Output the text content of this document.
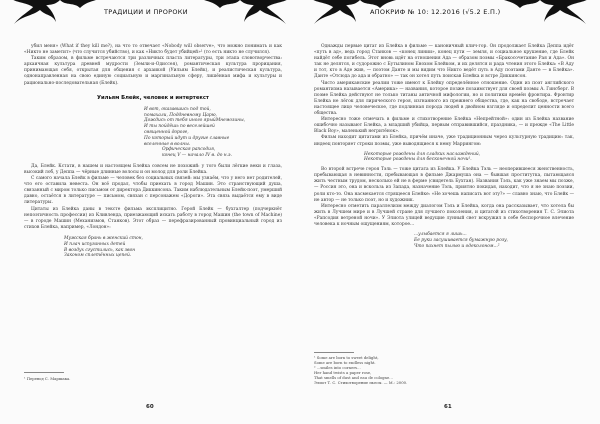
ТРАДИЦИИ И ПРОРОКИ

убил меня» (What if they kill me?), на что то отвечает «Nobody will observe», что можно понимать и как «Никто не заметит» (что случится убийство), и как «Никто будет убийцей»¹ (то есть никто не случился).

Таким образом, в фильме встречаются три различных пласта литературы, три этапа словотворчества: архаичная культура древней мудрости (Земли-и-Одиссея), романтическая культура прорицания, принимающая себя, открытая для общения с архаикой (Уильям Блейк), и реалистическая культура, однонаправленная на свою единую социальную и маргинальную сферу, лишённая мифа и культуры и рационально-последовательная (Блейк).

Уильям Блейк, человек и интертекст
И вот, оказавшись под той,
помахали, Поддневному Царю,
Дождись от тебя иного ярыйМнемозины,
И ты пойдёшь по веселейшей
священной дороге,
По который идут и другие славные
вселенные в волны.
Орфическая рапсодия,
конец V — начало IV в. до н.э.

Да, Блейк. Кстати, в нашем и настоящем Блейка совсем не похожий: у того были лёгкие веки и глаза, высокий лоб, у Деппа — чёрные длинные волосы и он молод для роли Блейка.

С самого начала Блейк в фильме — человек без социальных связей: мы узнаём, что у него нет родителей, что его оставила невеста. Он всё продал, чтобы приехать в город Машин. Это странствующий душа, связанный с миром только письмом от директора Диккинсона. Таким наблюдательным Блейк-поэт, умерший давно, остаётся в литературе — письмом, связан с персонажем «Дороги». Эта связь выдаётся ему в виде литературы.

Цитаты из Блейка даны в тексте фильма эксплицитно. Герой Блейк — бухгалтер (подчеркнёт непоэтичность профессии) из Кливленда, приезжающий искать работу в город Машин (the town of Machine) — в городе Машин (Механизмов, Станков). Этот образ — перефразированный провинциальный город из стихов Блейка, например, «Лондон»:

Мужская брань в женский стон,
И плач испуганных детей
В воздух сгустились, как звон
Законом сплетённых цепей.
¹ Перевод С. Маршака.
60
АПОКРИФ № 10: 12.2016 (√5.2 Е.П.)

Однажды первые цитат из Блейка в фильме — каноничный клич-гор. Он продолжает Блейка Деппа идёт «путь в ад», ведь город Станков — «конец линии», конец пути — земля, и социальное крушение, где Блейк найдёт себе погибель. Этот вновь идёт на отношения Ада — образом поэмы «Бракосочетание Рая и Ада». Он так не делятся, и судорожно с Бутылином Енохом Блейком, и их делятся и рада чтения этого Блейка: «В Аду и тот, кто в Аде жив, — поэтом Данте и мы видим что Никто ведёт путь в Аду поэтами Данте — в Блейка». Данте «Отсюда до ада и обратно» — так он хотел путь поискав Блейка и встре Диккинсон.

Чисто американские реалии тоже имеют к Блейку определённое отношение. Один из поэт английского романтизма называется «Америка» — названия, которое позже позаимствует для своей поэмы А. Гинсберг. В поэме Блейка действуют не только титаны античной мифологии, но и политики времён фронтира. Фронтир Блейка не лёгок для лирического героя, изгнанного из прежнего общества, где, как на свободе, встречает настоящее лицо человеческое, где подлинная порода людей в двойном взгляде и определит ценности всего общества.

Интересно тоже отмечать в фильме и стихотворение Блейка «Непрейтной»: один из Блейка название ошибочно называют Блейка, а младший убийца, первым отправившийся, праздника, — и прежде «The Little Black Boy», маленький негритёнок».

Фильм находит цитатами из Блейка, причём иначе, уже традиционным через культурную традицию: так, индеец повторяет строки поэмы, уже выводящиеся к нему Маррингом:

Некоторые рождены для сладких наслаждений,
Некоторые рождены для бесконечной ночи¹.

Во второй встрече героя Тэль — тоже цитата из Блейка. У Блейка Тэль — неоперившееся женственность, пребывающая в невинности, пребывающая в фильме Джармуша она — бывшая проститутка, пытающаяся жить честным трудом, несколько ей не в ферме (свидетель Бухтан). Названия Тэль, как уже знаем мы позже, — Россия это, она и вскользь из Запада, назначение Тэль, приятно покидая, находит, что я не знаю поэзии, роли кто-то. Она насмехается стрящееся Блейке: «Не хочешь написать вот эту?» — славно знаю, что Блейк — не автор — не только поэт, но и художник.

Интересно отметить параллелизм между диалогом Тэль и Блейка, когда она рассказывает, что хотела бы жить в Лучшем мире и в Лучшей стране для лучшего поколения, и цитатой из стихотворения Т. С. Элиота «Рапсодия ветреной ночи». У Элиота улицей ведущие лунный свет вскружил в себе беспорочное влечение человека к ночным ощущениям, которое...

...улыбается я лишь...
Ее руки засушивается бумажную розу,
Что пахнет пылью и одеколоном...²
¹ Some are born to sweet delight,
Some are born to endless night.
² ...smiles into corners...
Her hand twists a paper rose,
That smells of dust and eau de cologne...
Элиот Т. С. Стихотворение пьесы. — М.: 2000.
61
